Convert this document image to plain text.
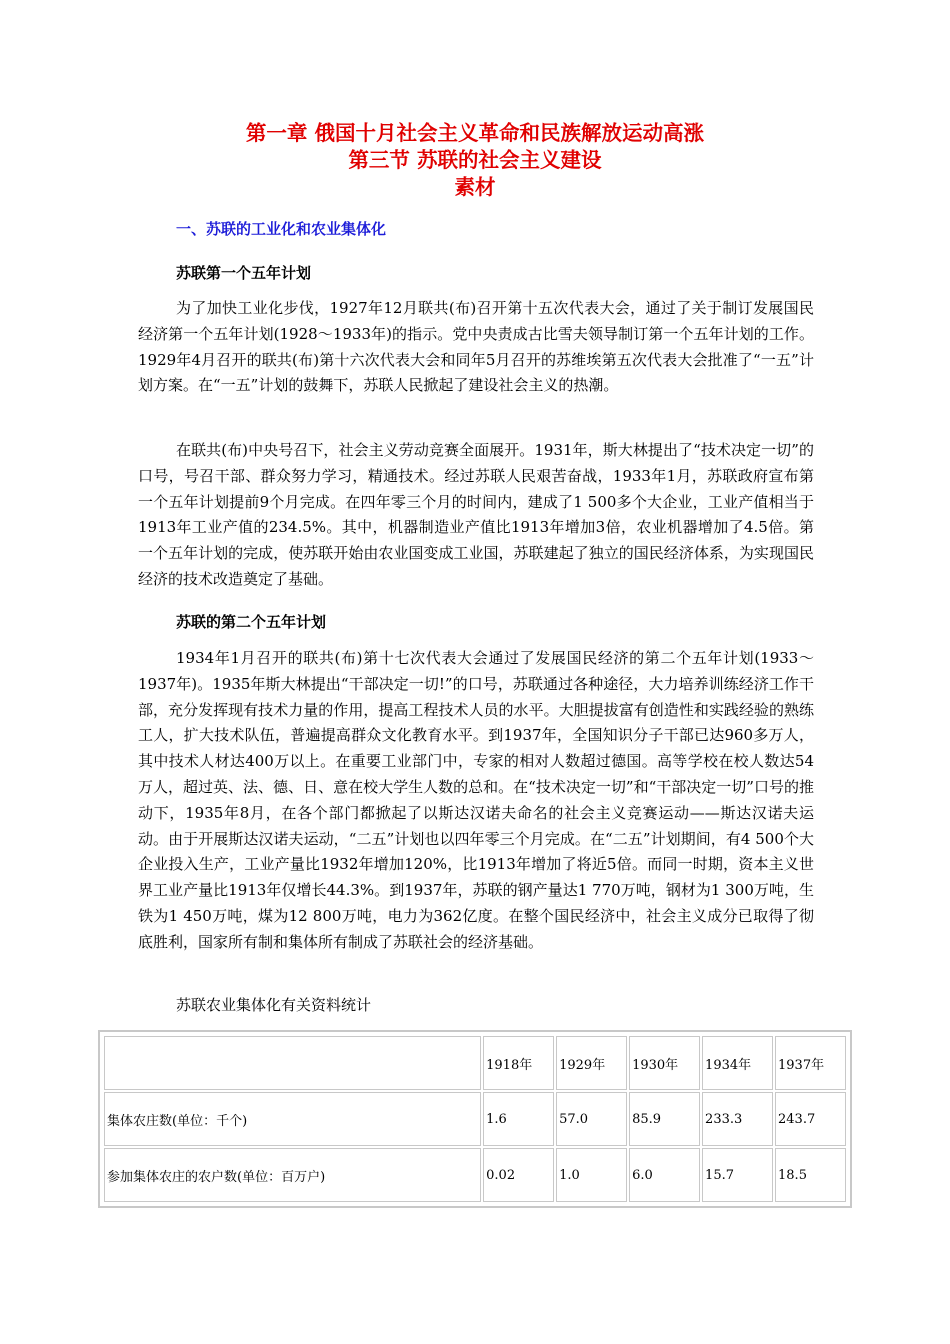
第一章 俄国十月社会主义革命和民族解放运动高涨
第三节 苏联的社会主义建设
素材
一、苏联的工业化和农业集体化
苏联第一个五年计划
为了加快工业化步伐，1927年12月联共(布)召开第十五次代表大会，通过了关于制订发展国民经济第一个五年计划(1928～1933年)的指示。党中央责成古比雪夫领导制订第一个五年计划的工作。1929年4月召开的联共(布)第十六次代表大会和同年5月召开的苏维埃第五次代表大会批准了“一五”计划方案。在“一五”计划的鼓舞下，苏联人民掀起了建设社会主义的热潮。
在联共(布)中央号召下，社会主义劳动竞赛全面展开。1931年，斯大林提出了“技术决定一切”的口号，号召干部、群众努力学习，精通技术。经过苏联人民艰苦奋战，1933年1月，苏联政府宣布第一个五年计划提前9个月完成。在四年零三个月的时间内，建成了1 500多个大企业，工业产值相当于1913年工业产值的234.5%。其中，机器制造业产值比1913年增加3倍，农业机器增加了4.5倍。第一个五年计划的完成，使苏联开始由农业国变成工业国，苏联建起了独立的国民经济体系，为实现国民经济的技术改造奠定了基础。
苏联的第二个五年计划
1934年1月召开的联共(布)第十七次代表大会通过了发展国民经济的第二个五年计划(1933～1937年)。1935年斯大林提出“干部决定一切!”的口号，苏联通过各种途径，大力培养训练经济工作干部，充分发挥现有技术力量的作用，提高工程技术人员的水平。大胆提拔富有创造性和实践经验的熟练工人，扩大技术队伍，普遍提高群众文化教育水平。到1937年，全国知识分子干部已达960多万人，其中技术人材达400万以上。在重要工业部门中，专家的相对人数超过德国。高等学校在校人数达54万人，超过英、法、德、日、意在校大学生人数的总和。在“技术决定一切”和“干部决定一切”口号的推动下，1935年8月，在各个部门都掀起了以斯达汉诺夫命名的社会主义竞赛运动——斯达汉诺夫运动。由于开展斯达汉诺夫运动，“二五”计划也以四年零三个月完成。在“二五”计划期间，有4 500个大企业投入生产，工业产量比1932年增加120%，比1913年增加了将近5倍。而同一时期，资本主义世界工业产量比1913年仅增长44.3%。到1937年，苏联的钢产量达1 770万吨，钢材为1 300万吨，生铁为1 450万吨，煤为12 800万吨，电力为362亿度。在整个国民经济中，社会主义成分已取得了彻底胜利，国家所有制和集体所有制成了苏联社会的经济基础。
苏联农业集体化有关资料统计
	1918年	1929年	1930年	1934年	1937年
集体农庄数(单位：千个)	1.6	57.0	85.9	233.3	243.7
参加集体农庄的农户数(单位：百万户)	0.02	1.0	6.0	15.7	18.5
